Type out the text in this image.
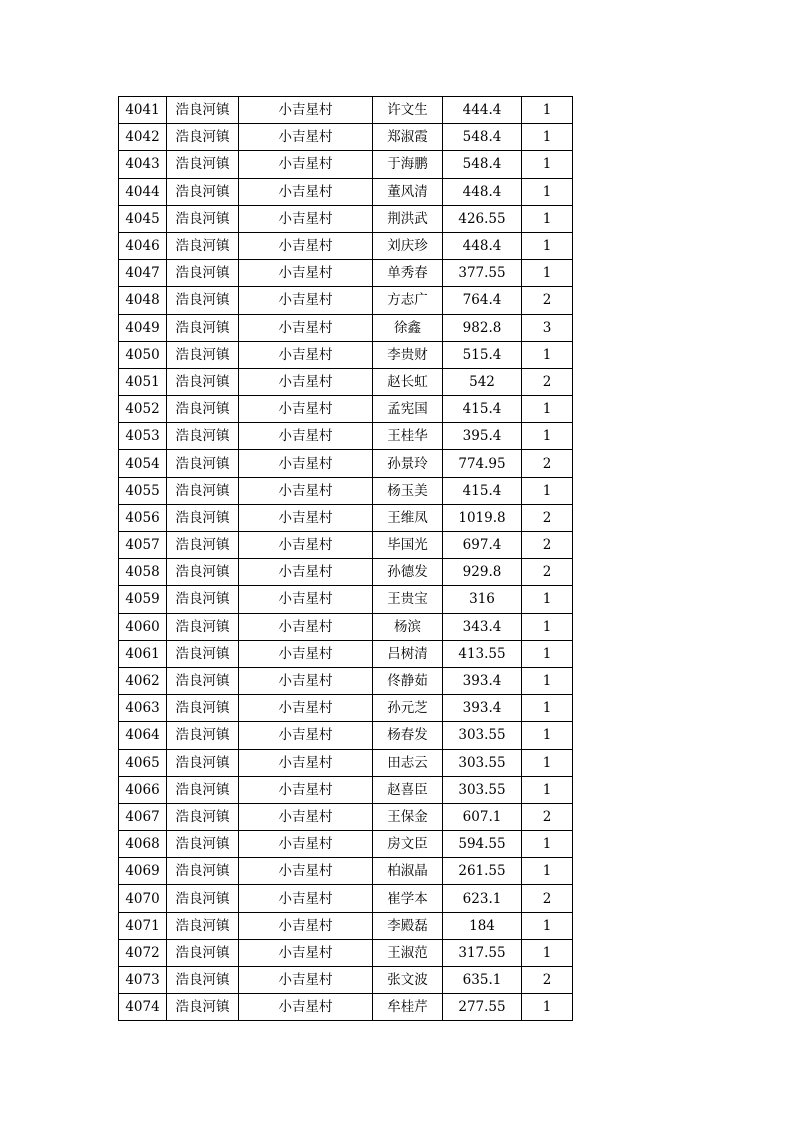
4041	浩良河镇	小吉星村	许文生	444.4	1
4042	浩良河镇	小吉星村	郑淑霞	548.4	1
4043	浩良河镇	小吉星村	于海鹏	548.4	1
4044	浩良河镇	小吉星村	董风清	448.4	1
4045	浩良河镇	小吉星村	荆洪武	426.55	1
4046	浩良河镇	小吉星村	刘庆珍	448.4	1
4047	浩良河镇	小吉星村	单秀春	377.55	1
4048	浩良河镇	小吉星村	方志广	764.4	2
4049	浩良河镇	小吉星村	徐鑫	982.8	3
4050	浩良河镇	小吉星村	李贵财	515.4	1
4051	浩良河镇	小吉星村	赵长虹	542	2
4052	浩良河镇	小吉星村	孟宪国	415.4	1
4053	浩良河镇	小吉星村	王桂华	395.4	1
4054	浩良河镇	小吉星村	孙景玲	774.95	2
4055	浩良河镇	小吉星村	杨玉美	415.4	1
4056	浩良河镇	小吉星村	王维凤	1019.8	2
4057	浩良河镇	小吉星村	毕国光	697.4	2
4058	浩良河镇	小吉星村	孙德发	929.8	2
4059	浩良河镇	小吉星村	王贵宝	316	1
4060	浩良河镇	小吉星村	杨滨	343.4	1
4061	浩良河镇	小吉星村	吕树清	413.55	1
4062	浩良河镇	小吉星村	佟静茹	393.4	1
4063	浩良河镇	小吉星村	孙元芝	393.4	1
4064	浩良河镇	小吉星村	杨春发	303.55	1
4065	浩良河镇	小吉星村	田志云	303.55	1
4066	浩良河镇	小吉星村	赵喜臣	303.55	1
4067	浩良河镇	小吉星村	王保金	607.1	2
4068	浩良河镇	小吉星村	房文臣	594.55	1
4069	浩良河镇	小吉星村	柏淑晶	261.55	1
4070	浩良河镇	小吉星村	崔学本	623.1	2
4071	浩良河镇	小吉星村	李殿磊	184	1
4072	浩良河镇	小吉星村	王淑范	317.55	1
4073	浩良河镇	小吉星村	张文波	635.1	2
4074	浩良河镇	小吉星村	牟桂芹	277.55	1
